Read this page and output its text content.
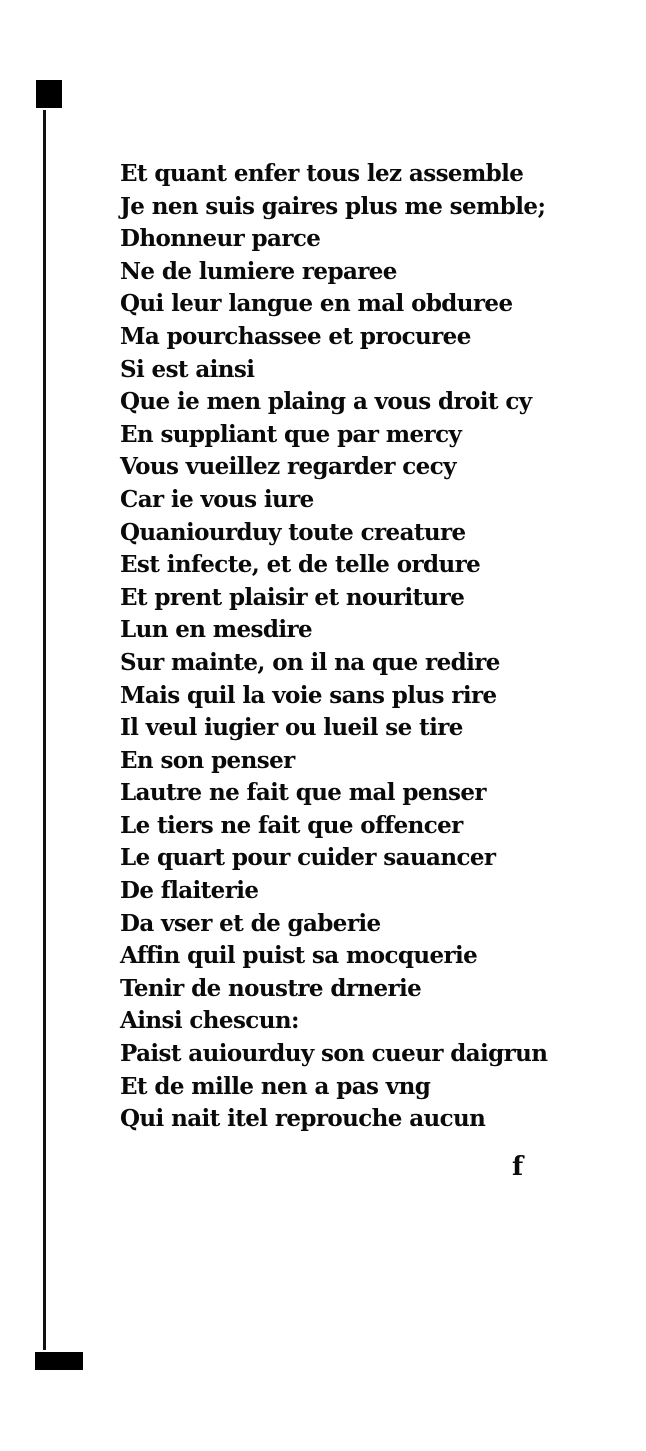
Et quant enfer tous lez assemble
Je nen suis gaires plus me semble;
Dhonneur parce
Ne de lumiere reparee
Qui leur langue en mal obduree
Ma pourchassee et procuree
Si est ainsi
Que ie men plaing a vous droit cy
En suppliant que par mercy
Vous vueillez regarder cecy
Car ie vous iure
Quaniourduy toute creature
Est infecte, et de telle ordure
Et prent plaisir et nouriture
Lun en mesdire
Sur mainte, on il na que redire
Mais quil la voie sans plus rire
Il veul iugier ou lueil se tire
En son penser
Lautre ne fait que mal penser
Le tiers ne fait que offencer
Le quart pour cuider sauancer
De flaiterie
Da vser et de gaberie
Affin quil puist sa mocquerie
Tenir de noustre drnerie
Ainsi chescun:
Paist auiourduy son cueur daigrun
Et de mille nen a pas vng
Qui nait itel reprouche aucun
f
